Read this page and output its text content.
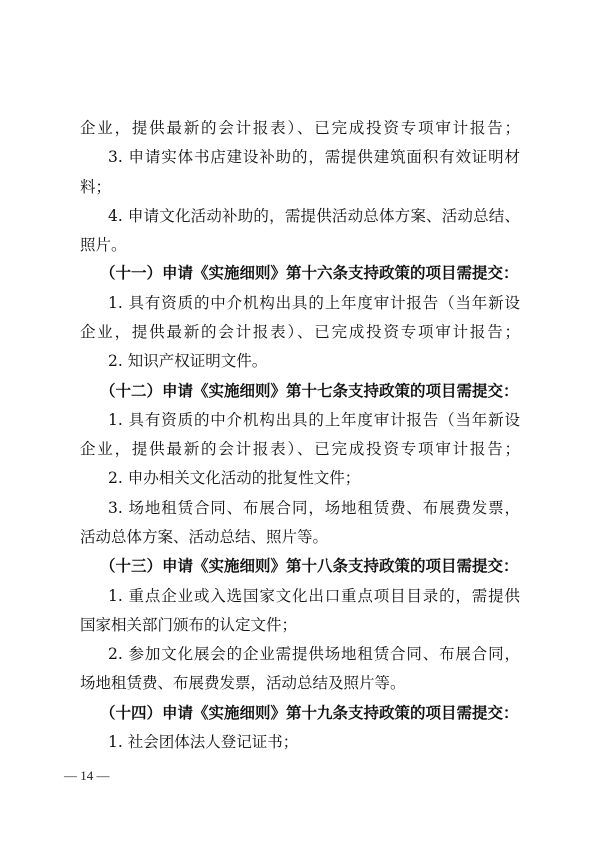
企业，提供最新的会计报表）、已完成投资专项审计报告；
3. 申请实体书店建设补助的，需提供建筑面积有效证明材
料；
4. 申请文化活动补助的，需提供活动总体方案、活动总结、
照片。
（十一）申请《实施细则》第十六条支持政策的项目需提交：
1. 具有资质的中介机构出具的上年度审计报告（当年新设
企业，提供最新的会计报表）、已完成投资专项审计报告；
2. 知识产权证明文件。
（十二）申请《实施细则》第十七条支持政策的项目需提交：
1. 具有资质的中介机构出具的上年度审计报告（当年新设
企业，提供最新的会计报表）、已完成投资专项审计报告；
2. 申办相关文化活动的批复性文件；
3. 场地租赁合同、布展合同，场地租赁费、布展费发票，
活动总体方案、活动总结、照片等。
（十三）申请《实施细则》第十八条支持政策的项目需提交：
1. 重点企业或入选国家文化出口重点项目目录的，需提供
国家相关部门颁布的认定文件；
2. 参加文化展会的企业需提供场地租赁合同、布展合同，
场地租赁费、布展费发票，活动总结及照片等。
（十四）申请《实施细则》第十九条支持政策的项目需提交：
1. 社会团体法人登记证书；
— 14 —
